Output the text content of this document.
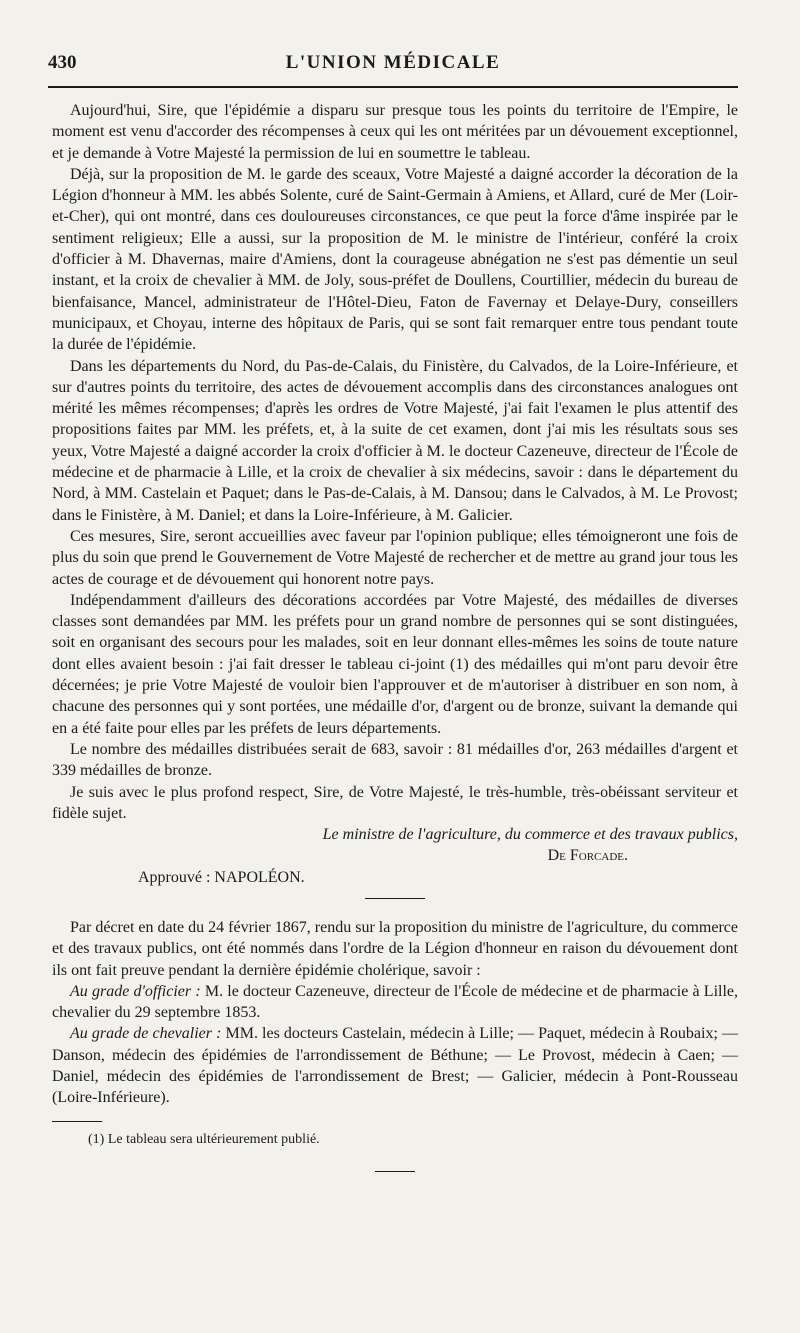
430	L'UNION MÉDICALE

Aujourd'hui, Sire, que l'épidémie a disparu sur presque tous les points du territoire de l'Empire, le moment est venu d'accorder des récompenses à ceux qui les ont méritées par un dévouement exceptionnel, et je demande à Votre Majesté la permission de lui en soumettre le tableau.

Déjà, sur la proposition de M. le garde des sceaux, Votre Majesté a daigné accorder la décoration de la Légion d'honneur à MM. les abbés Solente, curé de Saint-Germain à Amiens, et Allard, curé de Mer (Loir-et-Cher), qui ont montré, dans ces douloureuses circonstances, ce que peut la force d'âme inspirée par le sentiment religieux; Elle a aussi, sur la proposition de M. le ministre de l'intérieur, conféré la croix d'officier à M. Dhavernas, maire d'Amiens, dont la courageuse abnégation ne s'est pas démentie un seul instant, et la croix de chevalier à MM. de Joly, sous-préfet de Doullens, Courtillier, médecin du bureau de bienfaisance, Mancel, administrateur de l'Hôtel-Dieu, Faton de Favernay et Delaye-Dury, conseillers municipaux, et Choyau, interne des hôpitaux de Paris, qui se sont fait remarquer entre tous pendant toute la durée de l'épidémie.

Dans les départements du Nord, du Pas-de-Calais, du Finistère, du Calvados, de la Loire-Inférieure, et sur d'autres points du territoire, des actes de dévouement accomplis dans des circonstances analogues ont mérité les mêmes récompenses; d'après les ordres de Votre Majesté, j'ai fait l'examen le plus attentif des propositions faites par MM. les préfets, et, à la suite de cet examen, dont j'ai mis les résultats sous ses yeux, Votre Majesté a daigné accorder la croix d'officier à M. le docteur Cazeneuve, directeur de l'École de médecine et de pharmacie à Lille, et la croix de chevalier à six médecins, savoir : dans le département du Nord, à MM. Castelain et Paquet; dans le Pas-de-Calais, à M. Dansou; dans le Calvados, à M. Le Provost; dans le Finistère, à M. Daniel; et dans la Loire-Inférieure, à M. Galicier.

Ces mesures, Sire, seront accueillies avec faveur par l'opinion publique; elles témoigneront une fois de plus du soin que prend le Gouvernement de Votre Majesté de rechercher et de mettre au grand jour tous les actes de courage et de dévouement qui honorent notre pays.

Indépendamment d'ailleurs des décorations accordées par Votre Majesté, des médailles de diverses classes sont demandées par MM. les préfets pour un grand nombre de personnes qui se sont distinguées, soit en organisant des secours pour les malades, soit en leur donnant elles-mêmes les soins de toute nature dont elles avaient besoin : j'ai fait dresser le tableau ci-joint (1) des médailles qui m'ont paru devoir être décernées; je prie Votre Majesté de vouloir bien l'approuver et de m'autoriser à distribuer en son nom, à chacune des personnes qui y sont portées, une médaille d'or, d'argent ou de bronze, suivant la demande qui en a été faite pour elles par les préfets de leurs départements.

Le nombre des médailles distribuées serait de 683, savoir : 81 médailles d'or, 263 médailles d'argent et 339 médailles de bronze.

Je suis avec le plus profond respect, Sire, de Votre Majesté, le très-humble, très-obéissant serviteur et fidèle sujet.

Le ministre de l'agriculture, du commerce et des travaux publics,

De Forcade.

Approuvé : NAPOLÉON.

Par décret en date du 24 février 1867, rendu sur la proposition du ministre de l'agriculture, du commerce et des travaux publics, ont été nommés dans l'ordre de la Légion d'honneur en raison du dévouement dont ils ont fait preuve pendant la dernière épidémie cholérique, savoir :

Au grade d'officier : M. le docteur Cazeneuve, directeur de l'École de médecine et de pharmacie à Lille, chevalier du 29 septembre 1853.

Au grade de chevalier : MM. les docteurs Castelain, médecin à Lille; — Paquet, médecin à Roubaix; — Danson, médecin des épidémies de l'arrondissement de Béthune; — Le Provost, médecin à Caen; — Daniel, médecin des épidémies de l'arrondissement de Brest; — Galicier, médecin à Pont-Rousseau (Loire-Inférieure).

(1) Le tableau sera ultérieurement publié.
